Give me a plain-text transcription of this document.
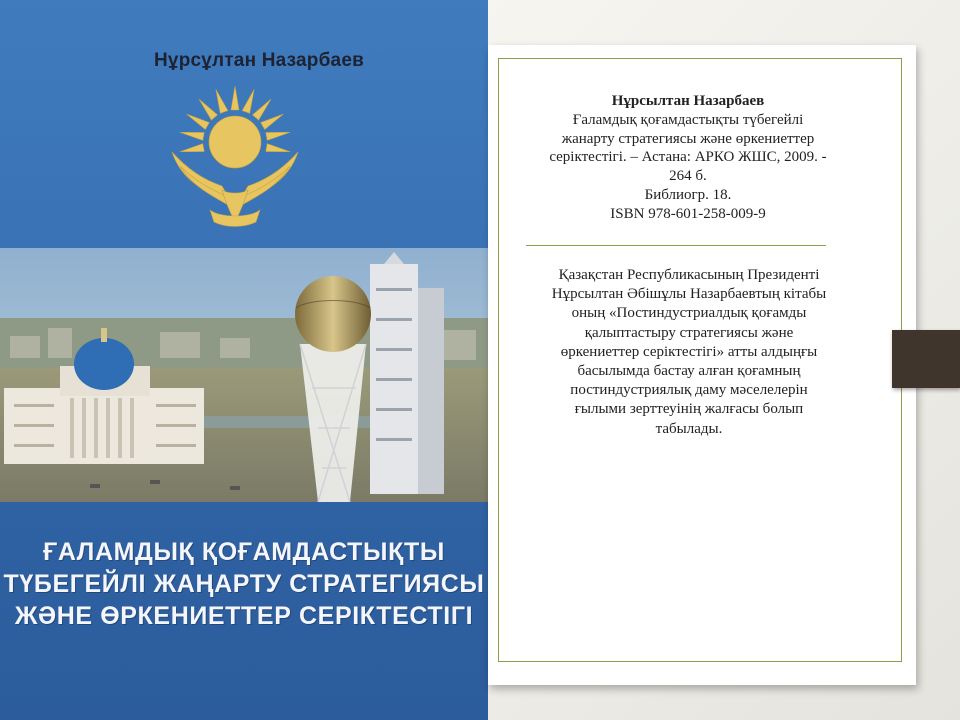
Нұрсұлтан Назарбаев
ҒАЛАМДЫҚ ҚОҒАМДАСТЫҚТЫ
ТҮБЕГЕЙЛІ ЖАҢАРТУ СТРАТЕГИЯСЫ
ЖӘНЕ ӨРКЕНИЕТТЕР СЕРІКТЕСТІГІ
Нұрсылтан Назарбаев
Ғаламдық қоғамдастықты түбегейлі
жанарту стратегиясы және өркениеттер
серіктестігі. – Астана: АРКО ЖШС, 2009. -
264 б.
Библиогр. 18.
ISBN 978-601-258-009-9
Қазақстан Республикасының Президенті
Нұрсылтан Әбішұлы Назарбаевтың кітабы
оның «Постиндустриалдық қоғамды
қалыптастыру стратегиясы және
өркениеттер серіктестігі» атты алдыңғы
басылымда бастау алған қоғамның
постиндустриялық даму мәселелерін
ғылыми зерттеуінің жалғасы болып
табылады.
